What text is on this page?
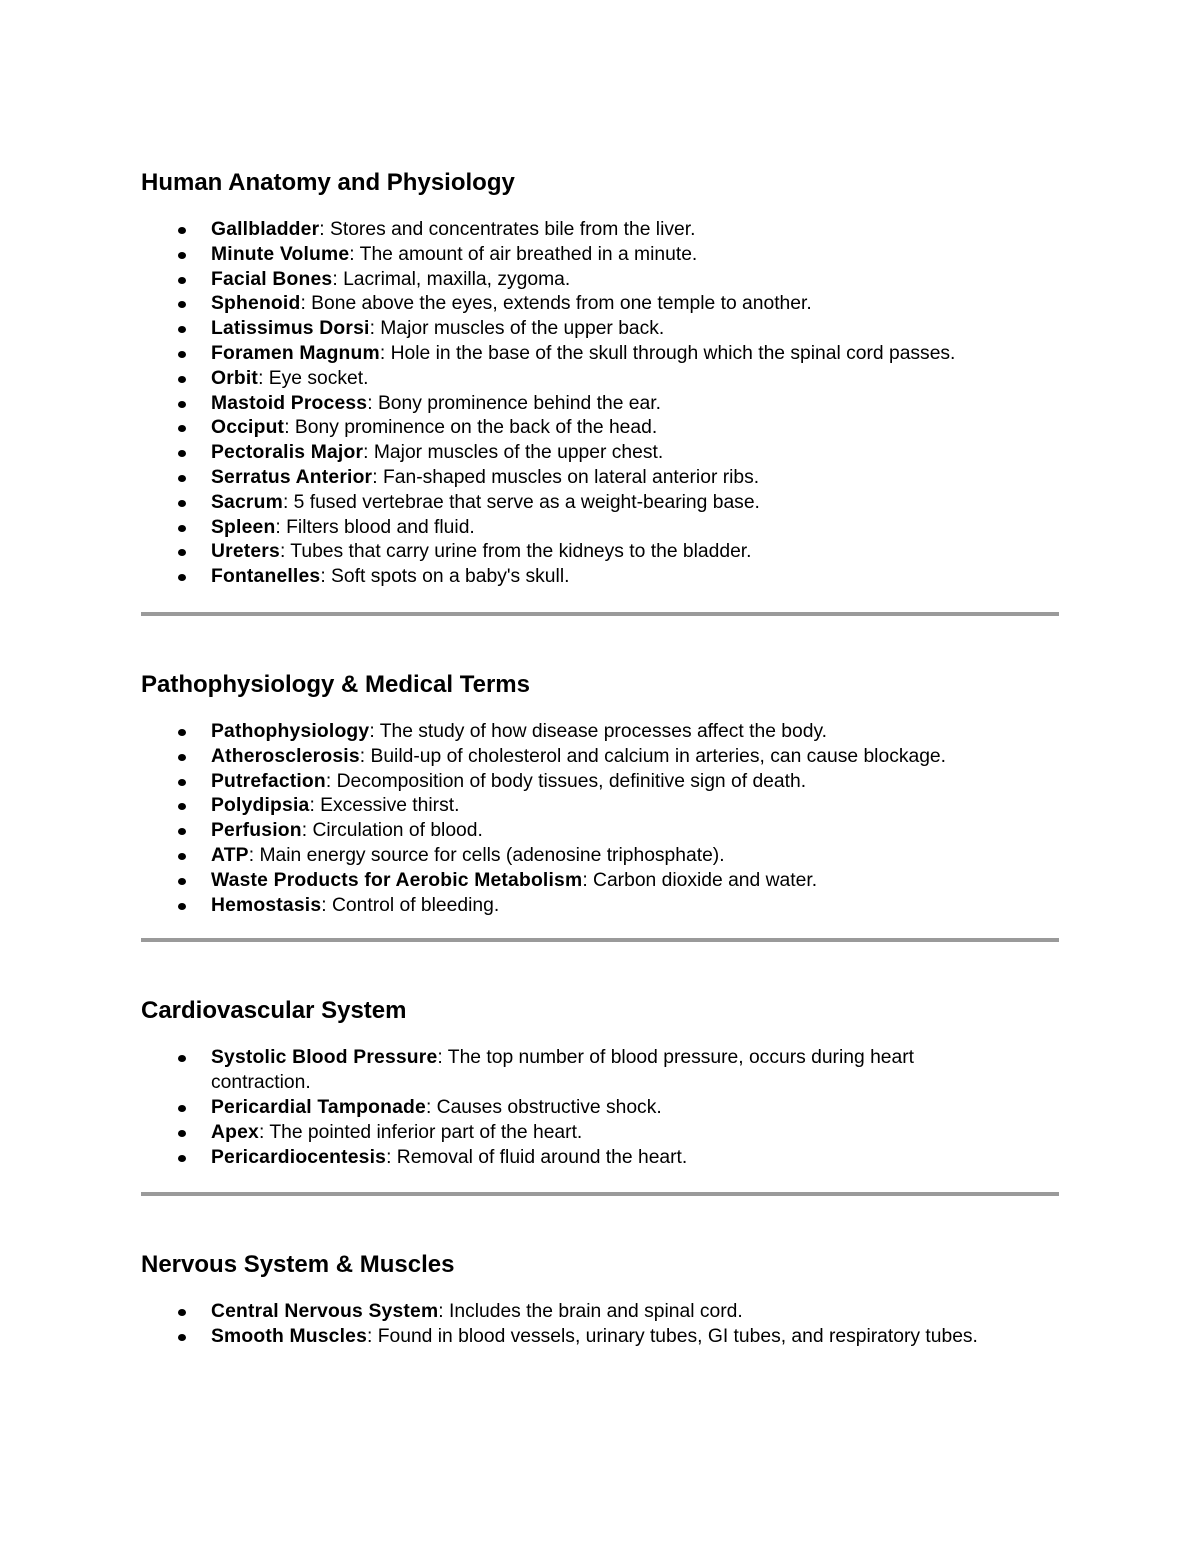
Human Anatomy and Physiology
Gallbladder: Stores and concentrates bile from the liver.
Minute Volume: The amount of air breathed in a minute.
Facial Bones: Lacrimal, maxilla, zygoma.
Sphenoid: Bone above the eyes, extends from one temple to another.
Latissimus Dorsi: Major muscles of the upper back.
Foramen Magnum: Hole in the base of the skull through which the spinal cord passes.
Orbit: Eye socket.
Mastoid Process: Bony prominence behind the ear.
Occiput: Bony prominence on the back of the head.
Pectoralis Major: Major muscles of the upper chest.
Serratus Anterior: Fan-shaped muscles on lateral anterior ribs.
Sacrum: 5 fused vertebrae that serve as a weight-bearing base.
Spleen: Filters blood and fluid.
Ureters: Tubes that carry urine from the kidneys to the bladder.
Fontanelles: Soft spots on a baby's skull.
Pathophysiology & Medical Terms
Pathophysiology: The study of how disease processes affect the body.
Atherosclerosis: Build-up of cholesterol and calcium in arteries, can cause blockage.
Putrefaction: Decomposition of body tissues, definitive sign of death.
Polydipsia: Excessive thirst.
Perfusion: Circulation of blood.
ATP: Main energy source for cells (adenosine triphosphate).
Waste Products for Aerobic Metabolism: Carbon dioxide and water.
Hemostasis: Control of bleeding.
Cardiovascular System
Systolic Blood Pressure: The top number of blood pressure, occurs during heart contraction.
Pericardial Tamponade: Causes obstructive shock.
Apex: The pointed inferior part of the heart.
Pericardiocentesis: Removal of fluid around the heart.
Nervous System & Muscles
Central Nervous System: Includes the brain and spinal cord.
Smooth Muscles: Found in blood vessels, urinary tubes, GI tubes, and respiratory tubes.
